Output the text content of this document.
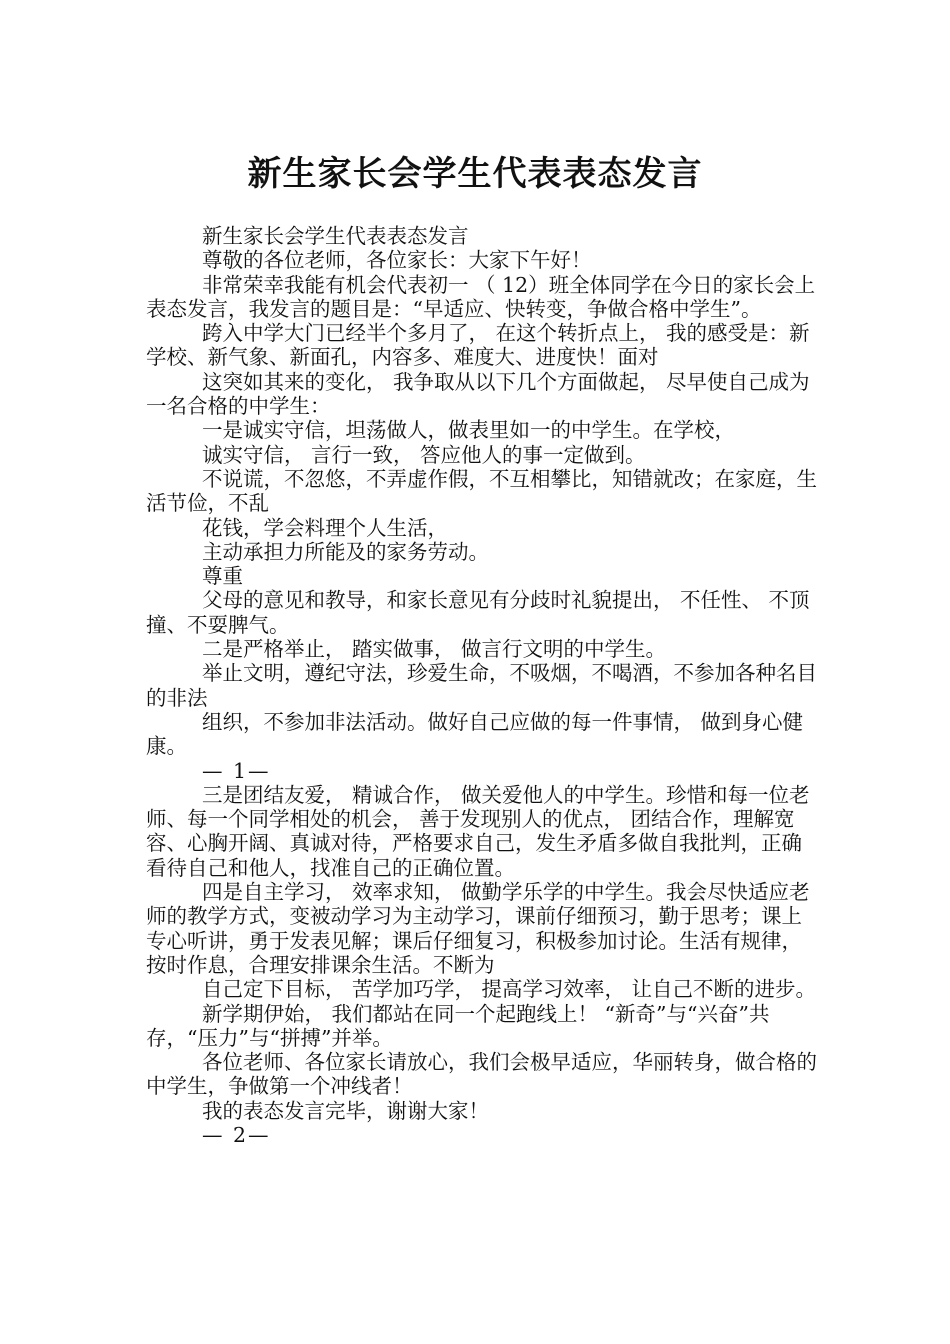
新生家长会学生代表表态发言

新生家长会学生代表表态发言

尊敬的各位老师，各位家长：大家下午好！

非常荣幸我能有机会代表初一 （ 12）班全体同学在今日的家长会上表态发言，我发言的题目是：“早适应、快转变，争做合格中学生”。

跨入中学大门已经半个多月了， 在这个转折点上， 我的感受是：新学校、新气象、新面孔，内容多、难度大、进度快！面对

这突如其来的变化， 我争取从以下几个方面做起， 尽早使自己成为一名合格的中学生：

一是诚实守信，坦荡做人，做表里如一的中学生。在学校，

诚实守信， 言行一致， 答应他人的事一定做到。

不说谎，不忽悠，不弄虚作假，不互相攀比，知错就改；在家庭，生活节俭，不乱

花钱，学会料理个人生活，

主动承担力所能及的家务劳动。

尊重

父母的意见和教导，和家长意见有分歧时礼貌提出， 不任性、 不顶撞、不耍脾气。

二是严格举止， 踏实做事， 做言行文明的中学生。

举止文明，遵纪守法，珍爱生命，不吸烟，不喝酒，不参加各种名目的非法

组织，不参加非法活动。做好自己应做的每一件事情， 做到身心健康。

— 1—

三是团结友爱， 精诚合作， 做关爱他人的中学生。珍惜和每一位老师、每一个同学相处的机会， 善于发现别人的优点， 团结合作，理解宽容、心胸开阔、真诚对待，严格要求自己，发生矛盾多做自我批判，正确看待自己和他人，找准自己的正确位置。

四是自主学习， 效率求知， 做勤学乐学的中学生。我会尽快适应老师的教学方式，变被动学习为主动学习，课前仔细预习，勤于思考；课上专心听讲，勇于发表见解；课后仔细复习，积极参加讨论。生活有规律，按时作息，合理安排课余生活。不断为

自己定下目标， 苦学加巧学， 提高学习效率， 让自己不断的进步。

新学期伊始， 我们都站在同一个起跑线上！ “新奇”与“兴奋”共存，“压力”与“拼搏”并举。

各位老师、各位家长请放心，我们会极早适应，华丽转身，做合格的中学生，争做第一个冲线者！

我的表态发言完毕，谢谢大家！

— 2—
